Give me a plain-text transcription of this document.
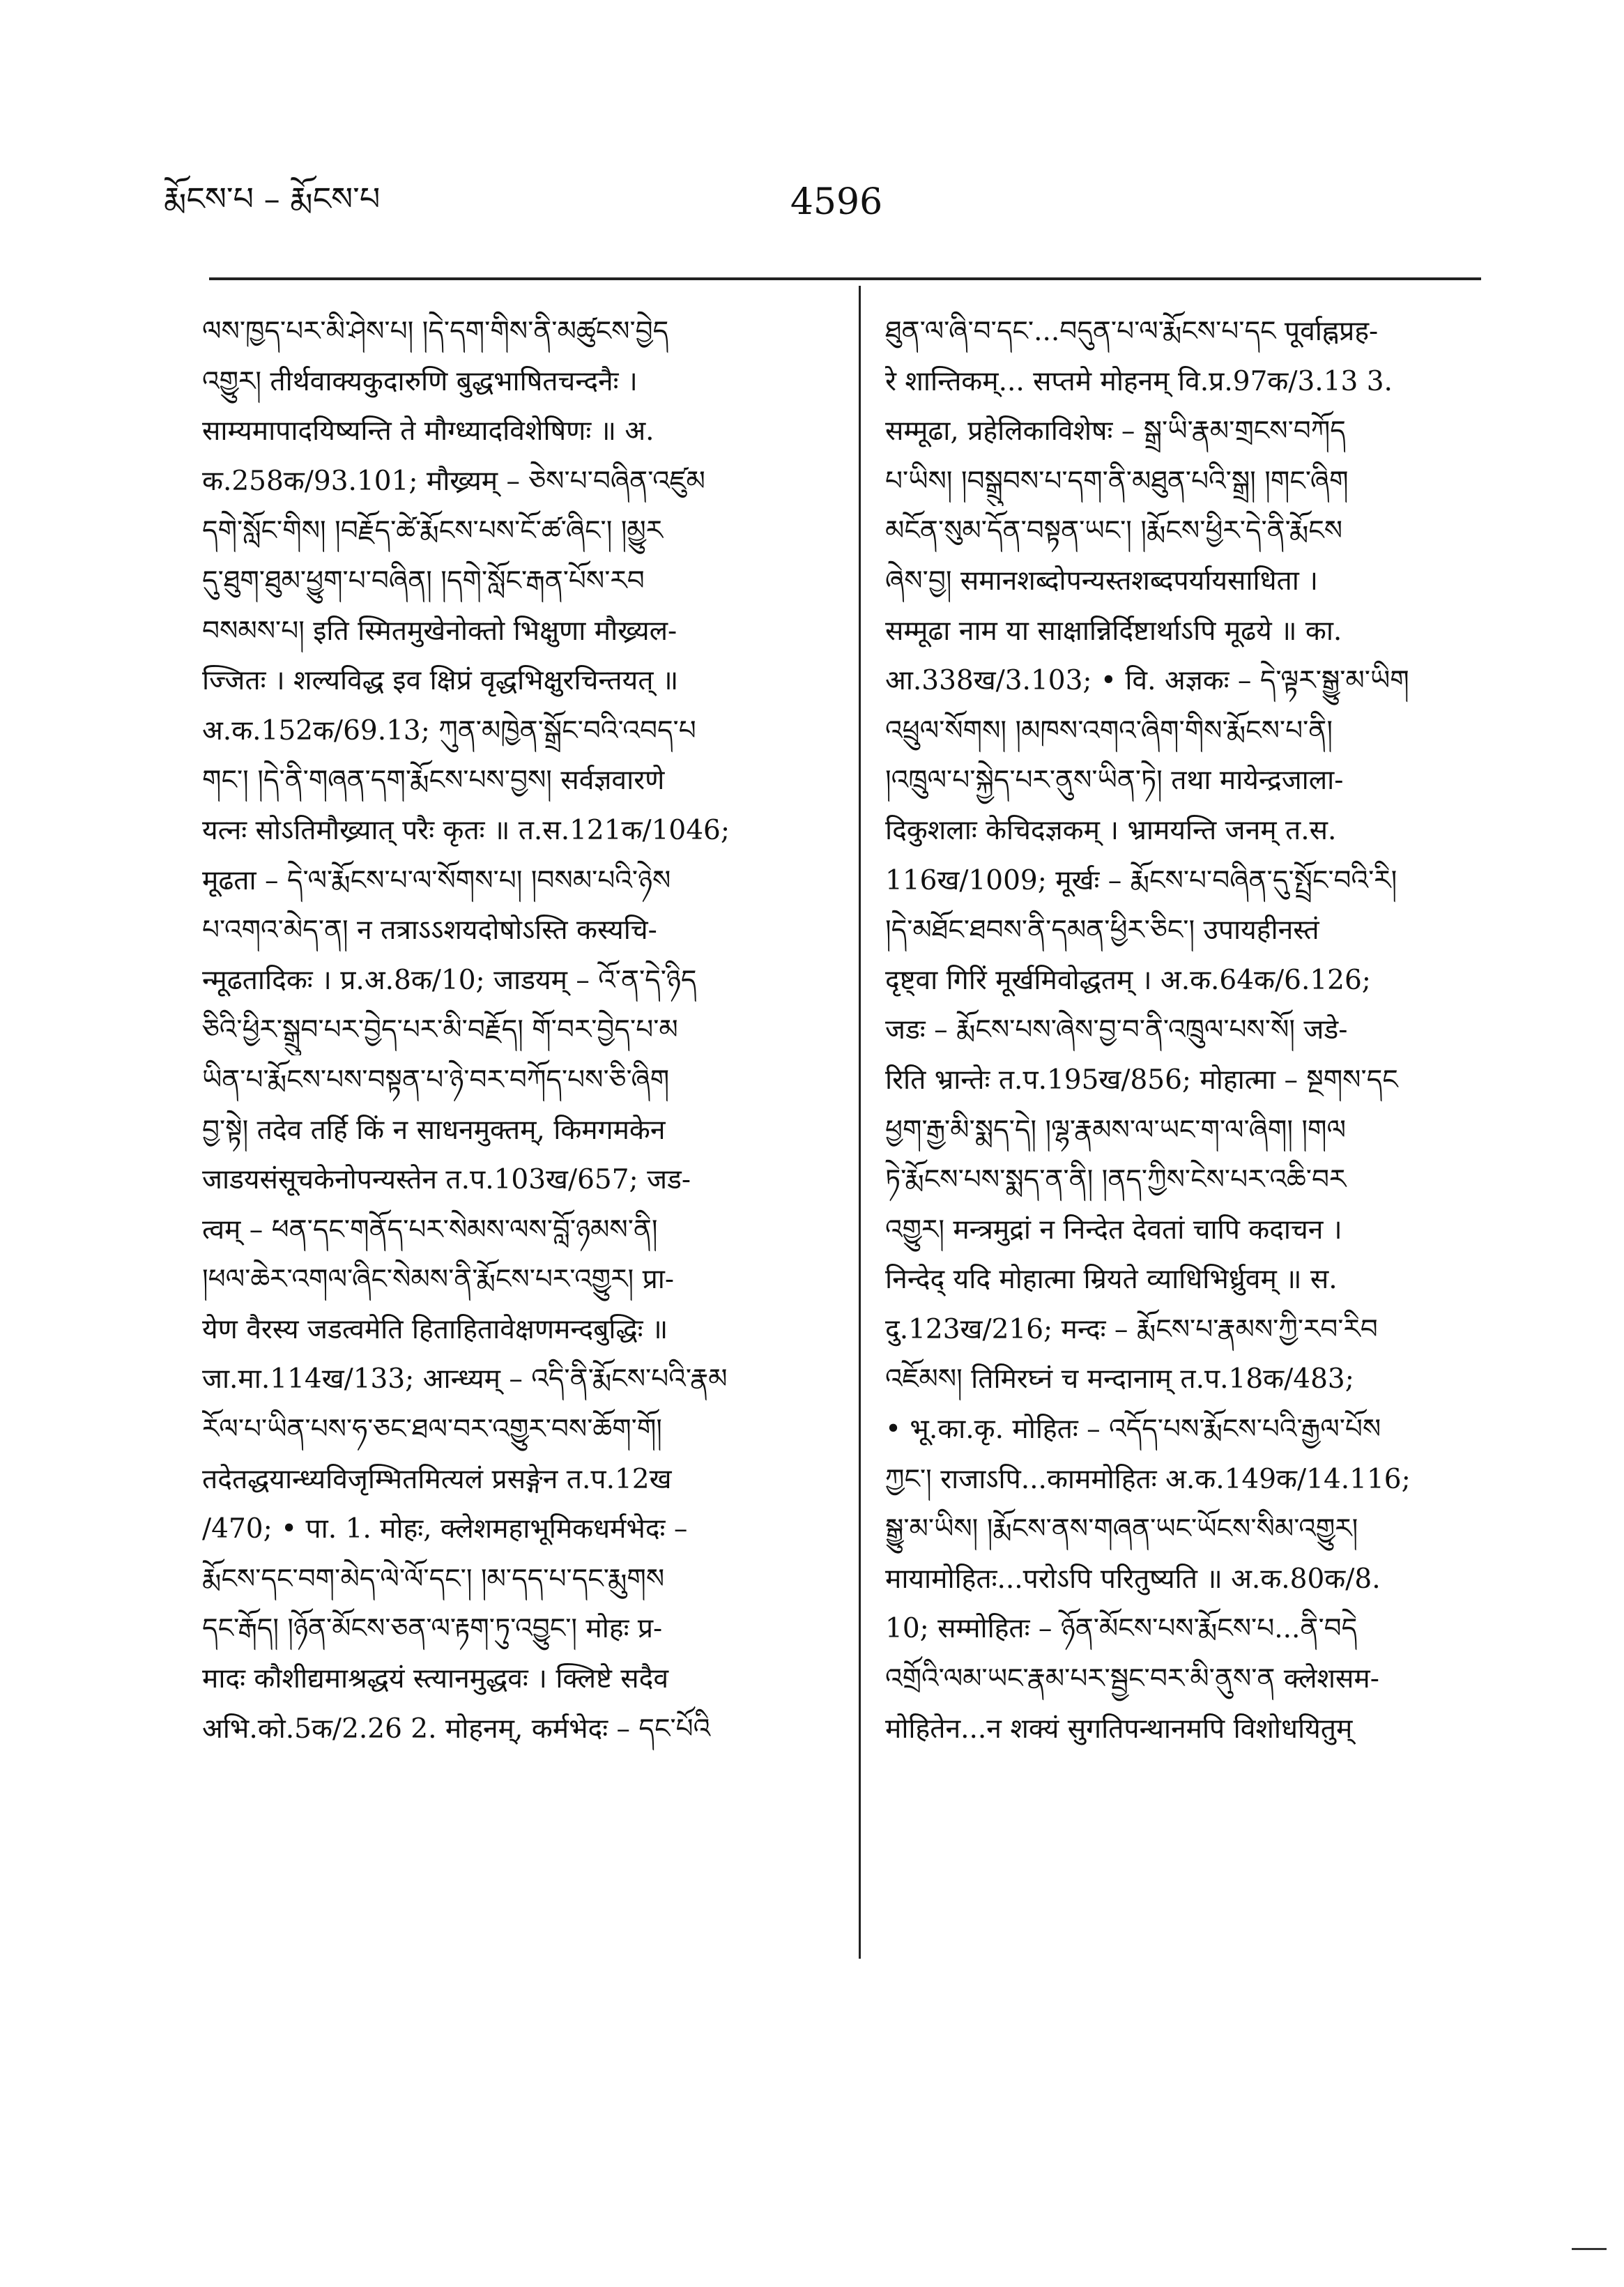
རྨོངས་པ – རྨོངས་པ	4596
ལས་ཁྱད་པར་མི་ཤེས་པ། །དེ་དག་གིས་ནི་མཚུངས་བྱེད
འགྱུར། तीर्थवाक्यकुदारुणि बुद्धभाषितचन्दनैः ।
साम्यमापादयिष्यन्ति ते मौग्ध्यादविशेषिणः ॥ अ.
क.258क/93.101; मौख्र्यम् – ཅེས་པ་བཞིན་འཛུམ
དགེ་སློང་གིས། །བརྗོད་ཚེ་རྨོངས་པས་ངོ་ཚ་ཞིང་། །མྱུར
དུ་ཐུག་ཐུམ་ཕྱུག་པ་བཞིན། །དགེ་སློང་རྒན་པོས་རབ
བསམས་པ། इति स्मितमुखेनोक्तो भिक्षुणा मौख्र्यल-
ज्जितः । शल्यविद्ध इव क्षिप्रं वृद्धभिक्षुरचिन्तयत् ॥
अ.क.152क/69.13; ཀུན་མཁྱེན་སྒྲོང་བའི་འབད་པ
གང་། །དེ་ནི་གཞན་དག་རྨོངས་པས་བྱས། सर्वज्ञवारणे
यत्नः सोऽतिमौख्र्यात् परैः कृतः ॥ त.स.121क/1046;
मूढता – དེ་ལ་རྨོངས་པ་ལ་སོགས་པ། །བསམ་པའི་ཉེས
པ་འགའ་མེད་ན། न तत्राऽऽशयदोषोऽस्ति कस्यचि-
न्मूढतादिकः । प्र.अ.8क/10; जाडयम् – འོ་ན་དེ་ཉིད
ཅིའི་ཕྱིར་སྒྲུབ་པར་བྱེད་པར་མི་བརྗོད། གོ་བར་བྱེད་པ་མ
ཡིན་པ་རྨོངས་པས་བསྟན་པ་ཉེ་བར་བཀོད་པས་ཅི་ཞིག
བྱ་སྟེ། तदेव तर्हि किं न साधनमुक्तम्, किमगमकेन
जाडयसंसूचकेनोपन्यस्तेन त.प.103ख/657; जड-
त्वम् – ཕན་དང་གནོད་པར་སེམས་ལས་བློ་ཉམས་ནི།
།ཕལ་ཆེར་འགལ་ཞིང་སེམས་ནི་རྨོངས་པར་འགྱུར། प्रा-
येण वैरस्य जडत्वमेति हिताहितावेक्षणमन्दबुद्धिः ॥
जा.मा.114ख/133; आन्ध्यम् – འདི་ནི་རྨོངས་པའི་རྣམ
རོལ་པ་ཡིན་པས་ཧ་ཅང་ཐལ་བར་འགྱུར་བས་ཆོག་གོ།
तदेतद्धयान्ध्यविजृम्भितमित्यलं प्रसङ्गेन त.प.12ख
/470; • पा. 1. मोहः, क्लेशमहाभूमिकधर्मभेदः –
རྨོངས་དང་བག་མེད་ལེ་ལོ་དང་། །མ་དད་པ་དང་རྨུགས
དང་རྒོད། །ཉོན་མོངས་ཅན་ལ་རྟག་ཏུ་འབྱུང་། मोहः प्र-
मादः कौशीद्यमाश्रद्धयं स्त्यानमुद्धवः । क्लिष्टे सदैव
अभि.को.5क/2.26 2. मोहनम्, कर्मभेदः – དང་པོའི
ཐུན་ལ་ཞི་བ་དང་...བདུན་པ་ལ་རྨོངས་པ་དང पूर्वाह्नप्रह-
रे शान्तिकम्... सप्तमे मोहनम् वि.प्र.97क/3.13 3.
सम्मूढा, प्रहेलिकाविशेषः – སྒྲ་ཡི་རྣམ་གྲངས་བཀོད
པ་ཡིས། །བསྒྲུབས་པ་དག་ནི་མཐུན་པའི་སྒྲ། །གང་ཞིག
མངོན་སུམ་དོན་བསྟན་ཡང་། །རྨོངས་ཕྱིར་དེ་ནི་རྨོངས
ཞེས་བྱ། समानशब्दोपन्यस्तशब्दपर्यायसाधिता ।
सम्मूढा नाम या साक्षान्निर्दिष्टार्थाऽपि मूढये ॥ का.
आ.338ख/3.103; • वि. अज्ञकः – དེ་ལྟར་སྒྱུ་མ་ཡིག
འཕྲུལ་སོགས། །མཁས་འགའ་ཞིག་གིས་རྨོངས་པ་ནི།
།འཁྲུལ་པ་སྐྱེད་པར་ནུས་ཡིན་ཏེ། तथा मायेन्द्रजाला-
दिकुशलाः केचिदज्ञकम् । भ्रामयन्ति जनम् त.स.
116ख/1009; मूर्खः – རྨོངས་པ་བཞིན་དུ་སྤྲོང་བའི་རི།
།དེ་མཐོང་ཐབས་ནི་དམན་ཕྱིར་ཅིང་། उपायहीनस्तं
दृष्ट्वा गिरिं मूर्खमिवोद्धतम् । अ.क.64क/6.126;
जडः – རྨོངས་པས་ཞེས་བྱ་བ་ནི་འཁྲུལ་པས་སོ། जडे-
रिति भ्रान्तेः त.प.195ख/856; मोहात्मा – སྔགས་དང
ཕྱག་རྒྱ་མི་སྨད་དེ། །ལྷ་རྣམས་ལ་ཡང་ག་ལ་ཞིག། །གལ
ཏེ་རྨོངས་པས་སྨད་ན་ནི། །ནད་ཀྱིས་ངེས་པར་འཆི་བར
འགྱུར། मन्त्रमुद्रां न निन्देत देवतां चापि कदाचन ।
निन्देद् यदि मोहात्मा म्रियते व्याधिभिर्ध्रुवम् ॥ स.
दु.123ख/216; मन्दः – རྨོངས་པ་རྣམས་ཀྱི་རབ་རིབ
འཇོམས། तिमिरघ्नं च मन्दानाम् त.प.18क/483;
• भू.का.कृ. मोहितः – འདོད་པས་རྨོངས་པའི་རྒྱལ་པོས
ཀྱང་། राजाऽपि...काममोहितः अ.क.149क/14.116;
སྒྱུ་མ་ཡིས། །རྨོངས་ནས་གཞན་ཡང་ཡོངས་སིམ་འགྱུར།
मायामोहितः...परोऽपि परितुष्यति ॥ अ.क.80क/8.
10; सम्मोहितः – ཉོན་མོངས་པས་རྨོངས་པ...ནི་བདེ
འགྲོའི་ལམ་ཡང་རྣམ་པར་སྦྱང་བར་མི་ནུས་ན क्लेशसम-
मोहितेन...न शक्यं सुगतिपन्थानमपि विशोधयितुम्
